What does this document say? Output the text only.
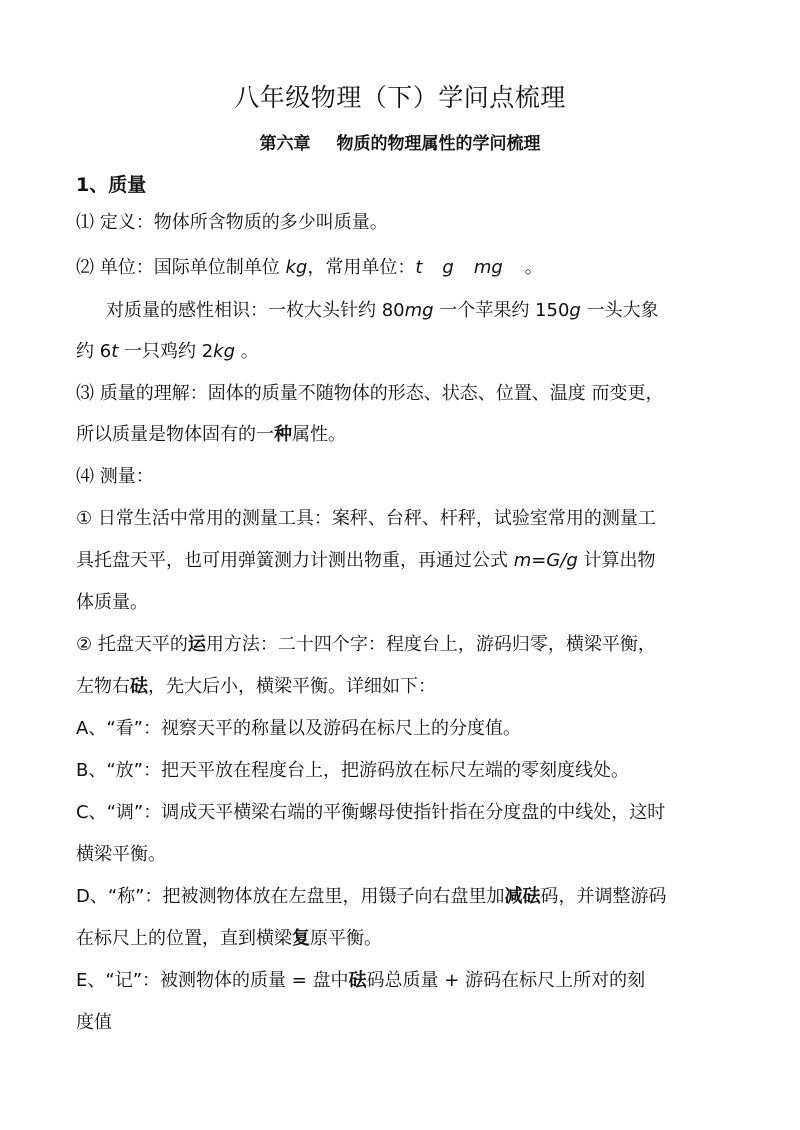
八年级物理（下）学问点梳理
第六章 物质的物理属性的学问梳理
1、质量
⑴ 定义：物体所含物质的多少叫质量。
⑵ 单位：国际单位制单位 kg，常用单位：t g mg 。
对质量的感性相识：一枚大头针约 80mg 一个苹果约 150g 一头大象
约 6t 一只鸡约 2kg 。
⑶ 质量的理解：固体的质量不随物体的形态、状态、位置、温度 而变更，
所以质量是物体固有的一种属性。
⑷ 测量：
① 日常生活中常用的测量工具：案秤、台秤、杆秤，试验室常用的测量工
具托盘天平，也可用弹簧测力计测出物重，再通过公式 m=G/g 计算出物
体质量。
② 托盘天平的运用方法：二十四个字：程度台上，游码归零，横梁平衡，
左物右砝，先大后小，横梁平衡。详细如下：
A、“看”：视察天平的称量以及游码在标尺上的分度值。
B、“放”：把天平放在程度台上，把游码放在标尺左端的零刻度线处。
C、“调”：调成天平横梁右端的平衡螺母使指针指在分度盘的中线处，这时
横梁平衡。
D、“称”：把被测物体放在左盘里，用镊子向右盘里加减砝码，并调整游码
在标尺上的位置，直到横梁复原平衡。
E、“记”：被测物体的质量 = 盘中砝码总质量 + 游码在标尺上所对的刻
度值
